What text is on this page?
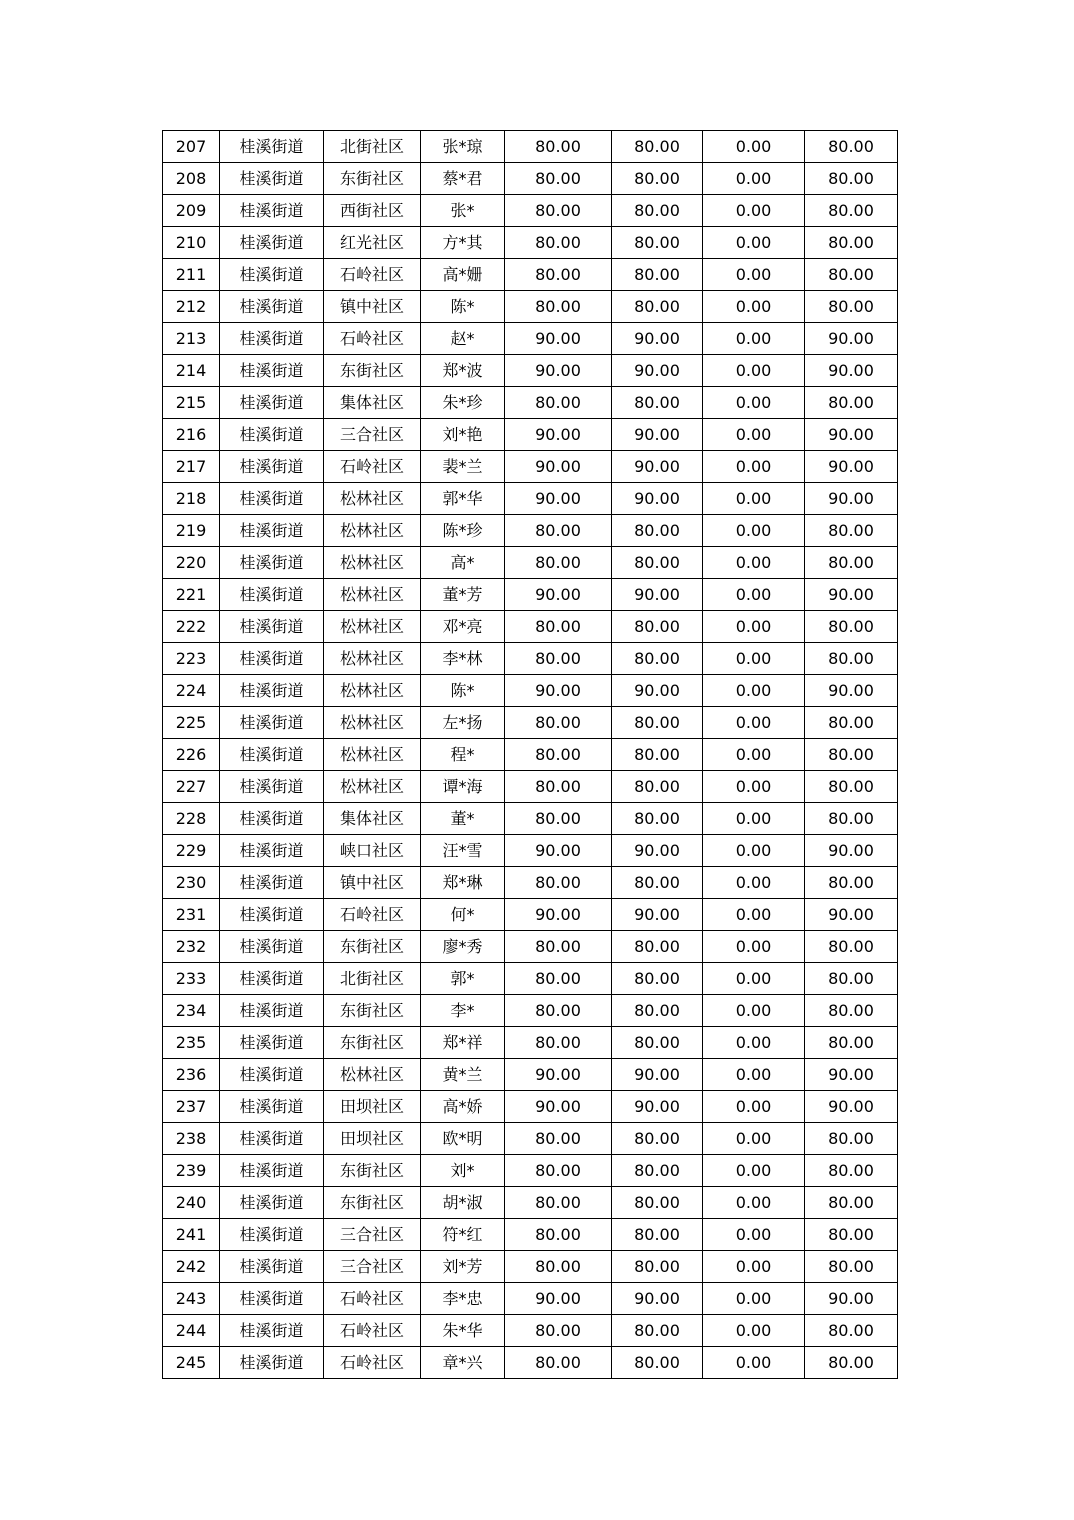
207	桂溪街道	北街社区	张*琼	80.00	80.00	0.00	80.00
208	桂溪街道	东街社区	蔡*君	80.00	80.00	0.00	80.00
209	桂溪街道	西街社区	张*	80.00	80.00	0.00	80.00
210	桂溪街道	红光社区	方*其	80.00	80.00	0.00	80.00
211	桂溪街道	石岭社区	高*姗	80.00	80.00	0.00	80.00
212	桂溪街道	镇中社区	陈*	80.00	80.00	0.00	80.00
213	桂溪街道	石岭社区	赵*	90.00	90.00	0.00	90.00
214	桂溪街道	东街社区	郑*波	90.00	90.00	0.00	90.00
215	桂溪街道	集体社区	朱*珍	80.00	80.00	0.00	80.00
216	桂溪街道	三合社区	刘*艳	90.00	90.00	0.00	90.00
217	桂溪街道	石岭社区	裴*兰	90.00	90.00	0.00	90.00
218	桂溪街道	松林社区	郭*华	90.00	90.00	0.00	90.00
219	桂溪街道	松林社区	陈*珍	80.00	80.00	0.00	80.00
220	桂溪街道	松林社区	高*	80.00	80.00	0.00	80.00
221	桂溪街道	松林社区	董*芳	90.00	90.00	0.00	90.00
222	桂溪街道	松林社区	邓*亮	80.00	80.00	0.00	80.00
223	桂溪街道	松林社区	李*林	80.00	80.00	0.00	80.00
224	桂溪街道	松林社区	陈*	90.00	90.00	0.00	90.00
225	桂溪街道	松林社区	左*扬	80.00	80.00	0.00	80.00
226	桂溪街道	松林社区	程*	80.00	80.00	0.00	80.00
227	桂溪街道	松林社区	谭*海	80.00	80.00	0.00	80.00
228	桂溪街道	集体社区	董*	80.00	80.00	0.00	80.00
229	桂溪街道	峡口社区	汪*雪	90.00	90.00	0.00	90.00
230	桂溪街道	镇中社区	郑*琳	80.00	80.00	0.00	80.00
231	桂溪街道	石岭社区	何*	90.00	90.00	0.00	90.00
232	桂溪街道	东街社区	廖*秀	80.00	80.00	0.00	80.00
233	桂溪街道	北街社区	郭*	80.00	80.00	0.00	80.00
234	桂溪街道	东街社区	李*	80.00	80.00	0.00	80.00
235	桂溪街道	东街社区	郑*祥	80.00	80.00	0.00	80.00
236	桂溪街道	松林社区	黄*兰	90.00	90.00	0.00	90.00
237	桂溪街道	田坝社区	高*娇	90.00	90.00	0.00	90.00
238	桂溪街道	田坝社区	欧*明	80.00	80.00	0.00	80.00
239	桂溪街道	东街社区	刘*	80.00	80.00	0.00	80.00
240	桂溪街道	东街社区	胡*淑	80.00	80.00	0.00	80.00
241	桂溪街道	三合社区	符*红	80.00	80.00	0.00	80.00
242	桂溪街道	三合社区	刘*芳	80.00	80.00	0.00	80.00
243	桂溪街道	石岭社区	李*忠	90.00	90.00	0.00	90.00
244	桂溪街道	石岭社区	朱*华	80.00	80.00	0.00	80.00
245	桂溪街道	石岭社区	章*兴	80.00	80.00	0.00	80.00
